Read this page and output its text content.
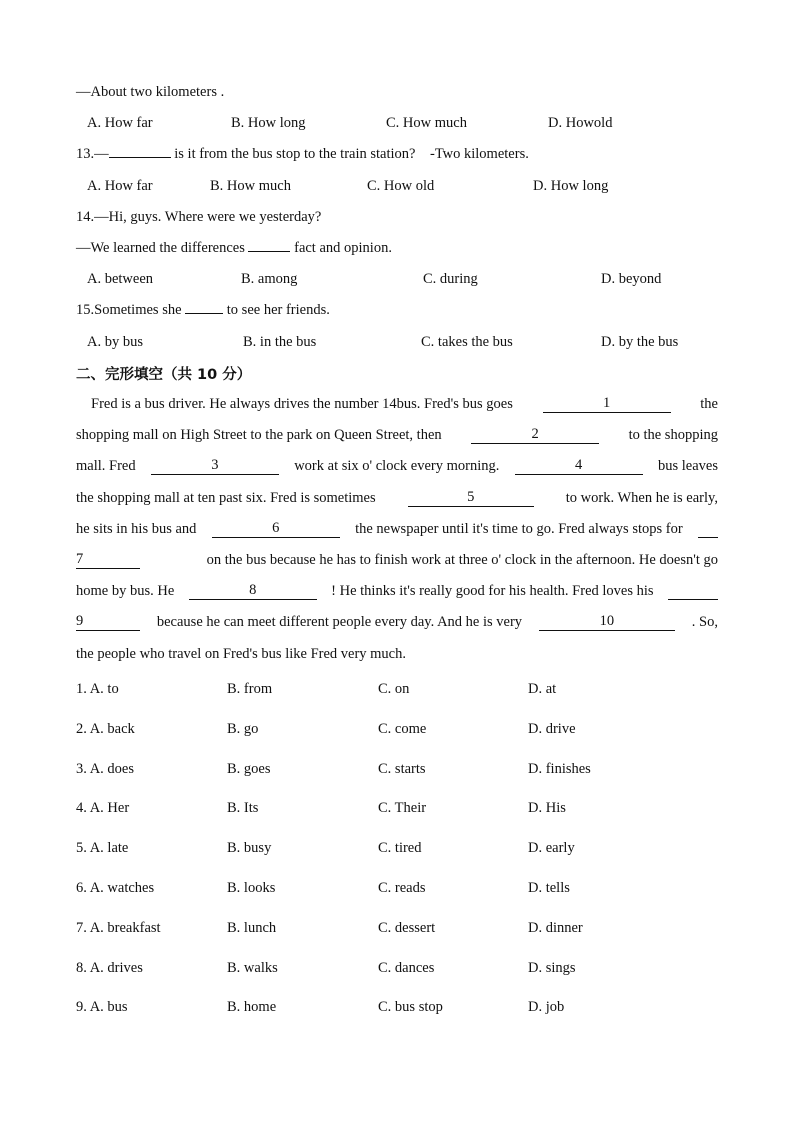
—About two kilometers .
A. How far	B. How long	C. How much	D. Howold
13.—	is it from the bus stop to the train station? -Two kilometers.
A. How far	B. How much	C. How old	D. How long
14.—Hi, guys. Where were we yesterday?
—We learned the differences	fact and opinion.
A. between	B. among	C. during	D. beyond
15.Sometimes she	to see her friends.
A. by bus	B. in the bus	C. takes the bus	D. by the bus
二、完形填空（共 10 分）
Fred is a bus driver. He always drives the number 14bus. Fred's bus goes	1	the
shopping mall on High Street to the park on Queen Street, then	2	to the shopping
mall. Fred	3	work at six o' clock every morning.	4	bus leaves
the shopping mall at ten past six. Fred is sometimes	5	to work. When he is early,
he sits in his bus and	6	the newspaper until it's time to go. Fred always stops for
7	on the bus because he has to finish work at three o' clock in the afternoon. He doesn't go
home by bus. He	8	! He thinks it's really good for his health. Fred loves his
9	because he can meet different people every day. And he is very	10	. So,
the people who travel on Fred's bus like Fred very much.
1. A. to	B. from	C. on	D. at
2. A. back	B. go	C. come	D. drive
3. A. does	B. goes	C. starts	D. finishes
4. A. Her	B. Its	C. Their	D. His
5. A. late	B. busy	C. tired	D. early
6. A. watches	B. looks	C. reads	D. tells
7. A. breakfast	B. lunch	C. dessert	D. dinner
8. A. drives	B. walks	C. dances	D. sings
9. A. bus	B. home	C. bus stop	D. job
